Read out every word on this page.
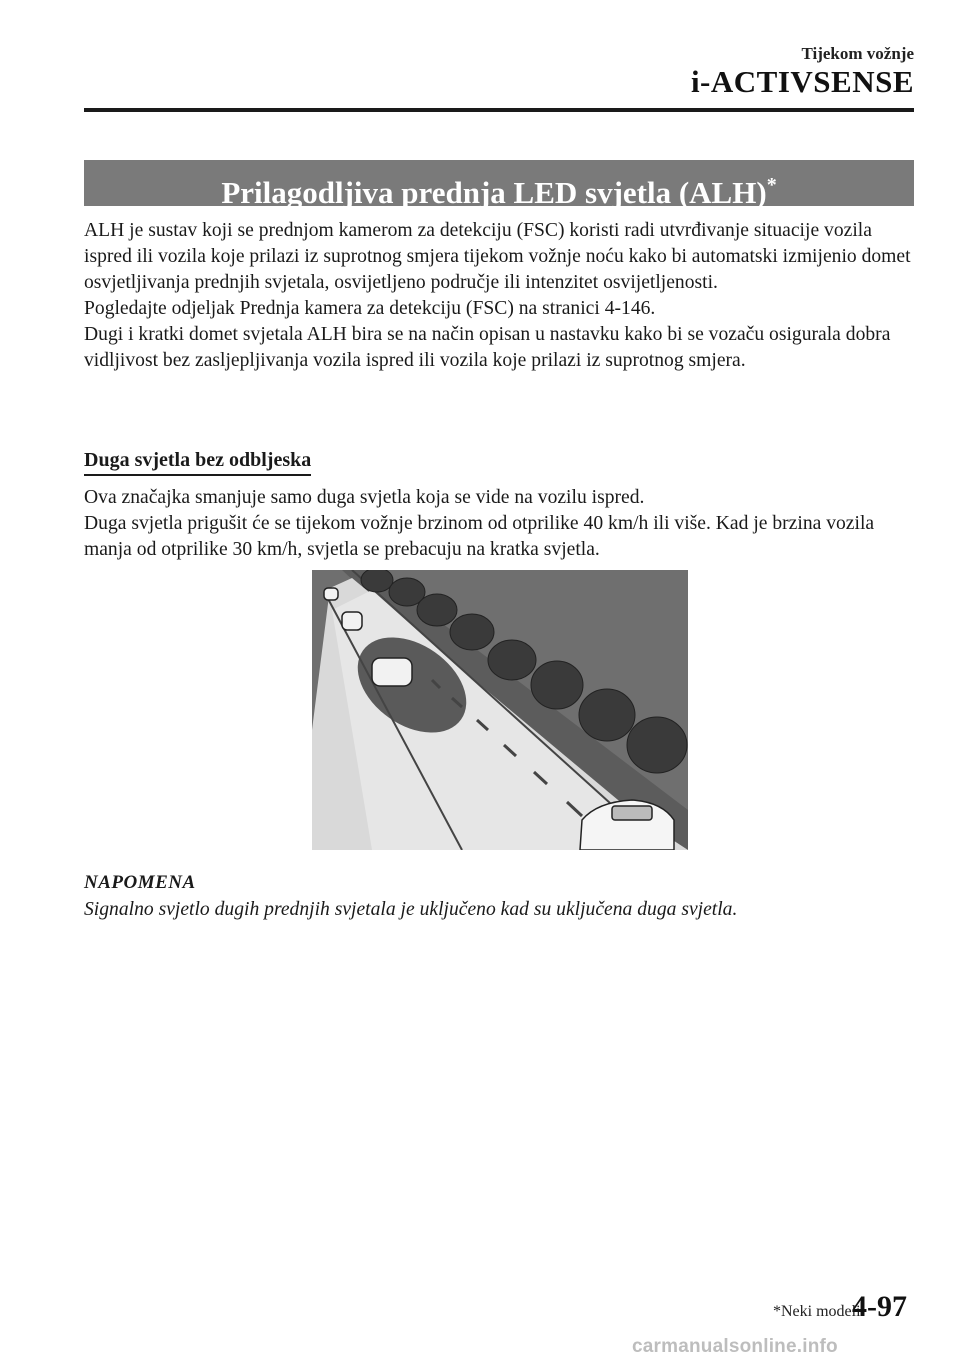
Tijekom vožnje
i-ACTIVSENSE
Prilagodljiva prednja LED svjetla (ALH)*

ALH je sustav koji se prednjom kamerom za detekciju (FSC) koristi radi utvrđivanje situacije vozila ispred ili vozila koje prilazi iz suprotnog smjera tijekom vožnje noću kako bi automatski izmijenio domet osvjetljivanja prednjih svjetala, osvijetljeno područje ili intenzitet osvijetljenosti.

Pogledajte odjeljak Prednja kamera za detekciju (FSC) na stranici 4-146.

Dugi i kratki domet svjetala ALH bira se na način opisan u nastavku kako bi se vozaču osigurala dobra vidljivost bez zasljepljivanja vozila ispred ili vozila koje prilazi iz suprotnog smjera.

Duga svjetla bez odbljeska

Ova značajka smanjuje samo duga svjetla koja se vide na vozilu ispred.

Duga svjetla prigušit će se tijekom vožnje brzinom od otprilike 40 km/h ili više. Kad je brzina vozila manja od otprilike 30 km/h, svjetla se prebacuju na kratka svjetla.

NAPOMENA
Signalno svjetlo dugih prednjih svjetala je uključeno kad su uključena duga svjetla.
*Neki modeli.
4-97
carmanualsonline.info
